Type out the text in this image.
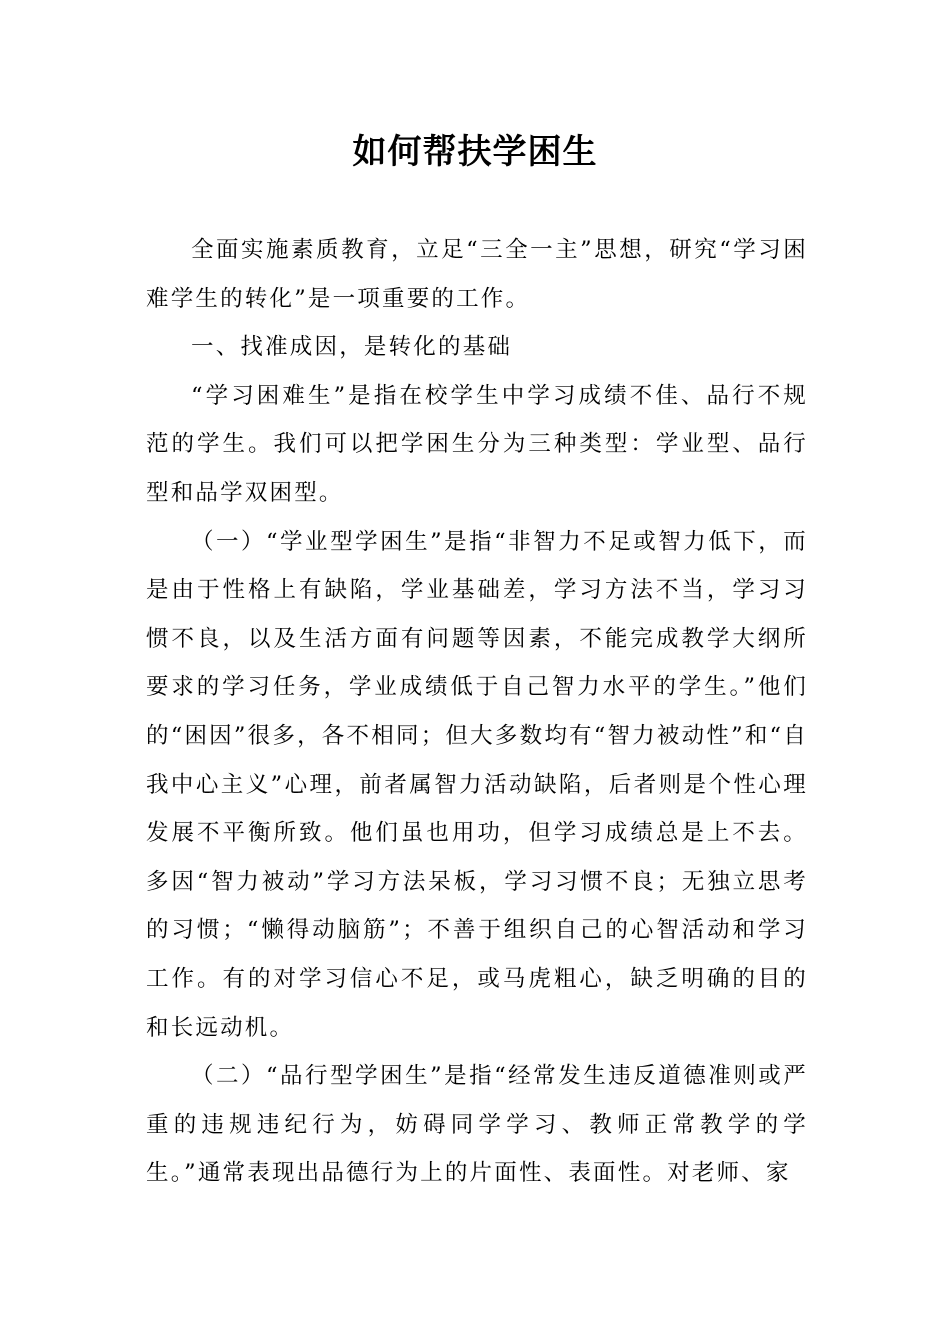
如何帮扶学困生

全面实施素质教育，立足“三全一主”思想，研究“学习困难学生的转化”是一项重要的工作。

一、找准成因，是转化的基础

“学习困难生”是指在校学生中学习成绩不佳、品行不规范的学生。我们可以把学困生分为三种类型：学业型、品行型和品学双困型。

（一）“学业型学困生”是指“非智力不足或智力低下，而是由于性格上有缺陷，学业基础差，学习方法不当，学习习惯不良，以及生活方面有问题等因素，不能完成教学大纲所要求的学习任务，学业成绩低于自己智力水平的学生。”他们的“困因”很多，各不相同；但大多数均有“智力被动性”和“自我中心主义”心理，前者属智力活动缺陷，后者则是个性心理发展不平衡所致。他们虽也用功，但学习成绩总是上不去。多因“智力被动”学习方法呆板，学习习惯不良；无独立思考的习惯；“懒得动脑筋”；不善于组织自己的心智活动和学习工作。有的对学习信心不足，或马虎粗心，缺乏明确的目的和长远动机。

（二）“品行型学困生”是指“经常发生违反道德准则或严重的违规违纪行为，妨碍同学学习、教师正常教学的学生。”通常表现出品德行为上的片面性、表面性。对老师、家
